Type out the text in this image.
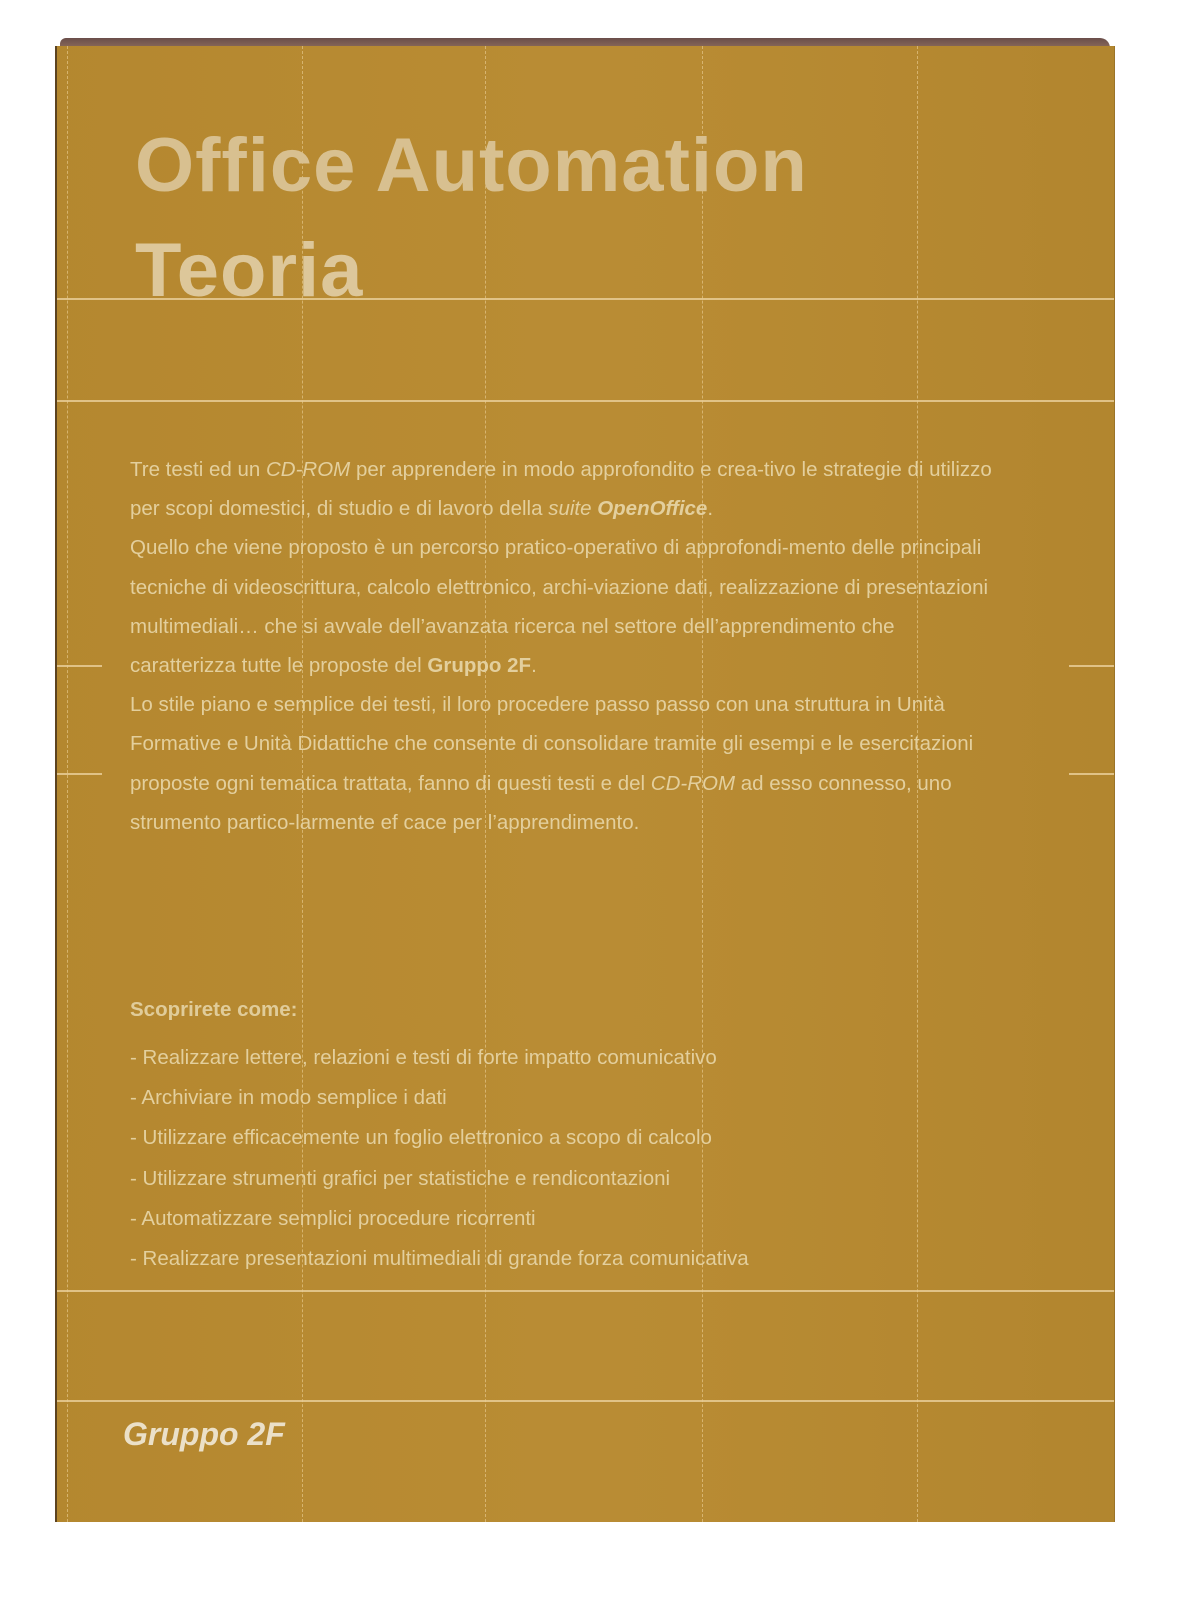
Office Automation
Teoria

Tre testi ed un CD-ROM per apprendere in modo approfondito e crea-tivo le strategie di utilizzo per scopi domestici, di studio e di lavoro della suite OpenOffice.

Quello che viene proposto è un percorso pratico-operativo di approfondi-mento delle principali tecniche di videoscrittura, calcolo elettronico, archi-viazione dati, realizzazione di presentazioni multimediali… che si avvale dell’avanzata ricerca nel settore dell’apprendimento che caratterizza tutte le proposte del Gruppo 2F.

Lo stile piano e semplice dei testi, il loro procedere passo passo con una struttura in Unità Formative e Unità Didattiche che consente di consolidare tramite gli esempi e le esercitazioni proposte ogni tematica trattata, fanno di questi testi e del CD-ROM ad esso connesso, uno strumento partico-larmente ef cace per l’apprendimento.

Scoprirete come:
- Realizzare lettere, relazioni e testi di forte impatto comunicativo
- Archiviare in modo semplice i dati
- Utilizzare efficacemente un foglio elettronico a scopo di calcolo
- Utilizzare strumenti grafici per statistiche e rendicontazioni
- Automatizzare semplici procedure ricorrenti
- Realizzare presentazioni multimediali di grande forza comunicativa
Gruppo 2F
